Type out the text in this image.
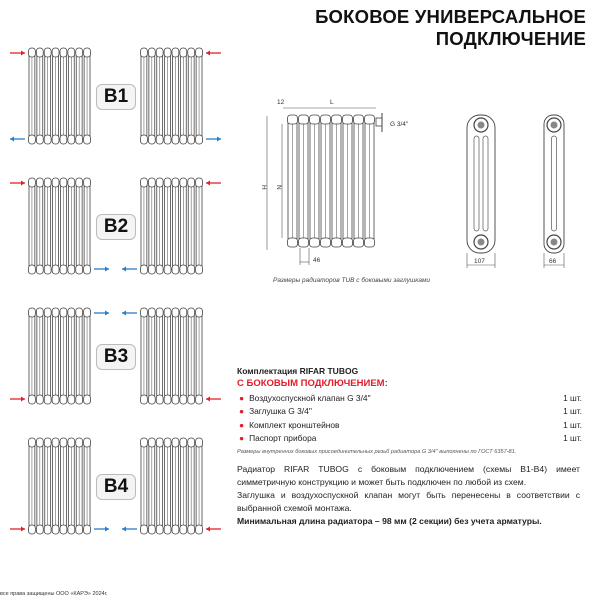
БОКОВОЕ УНИВЕРСАЛЬНОЕ
ПОДКЛЮЧЕНИЕ
12	L
G 3/4''
H N
46	107	66
B1
B2
B3
B4
Размеры радиаторов TUB с боковыми заглушками
Комплектация RIFAR TUBOG
С БОКОВЫМ ПОДКЛЮЧЕНИЕМ:
● Воздухоспускной клапан G 3/4''	1 шт.
● Заглушка G 3/4''	1 шт.
● Комплект кронштейнов	1 шт.
● Паспорт прибора	1 шт.
Размеры внутренних боковых присоединительных резьб радиатора G 3/4'' выполнены по ГОСТ 6357-81.
Радиатор RIFAR TUBOG с боковым подключением (схемы B1-B4) имеет симметричную конструкцию и может быть подключен по любой из схем.
Заглушка и воздухоспускной клапан могут быть перенесены в соответствии с выбранной схемой монтажа.
Минимальная длина радиатора – 98 мм (2 секции) без учета арматуры.
все права защищены ООО «КАРЭ» 2024г.
